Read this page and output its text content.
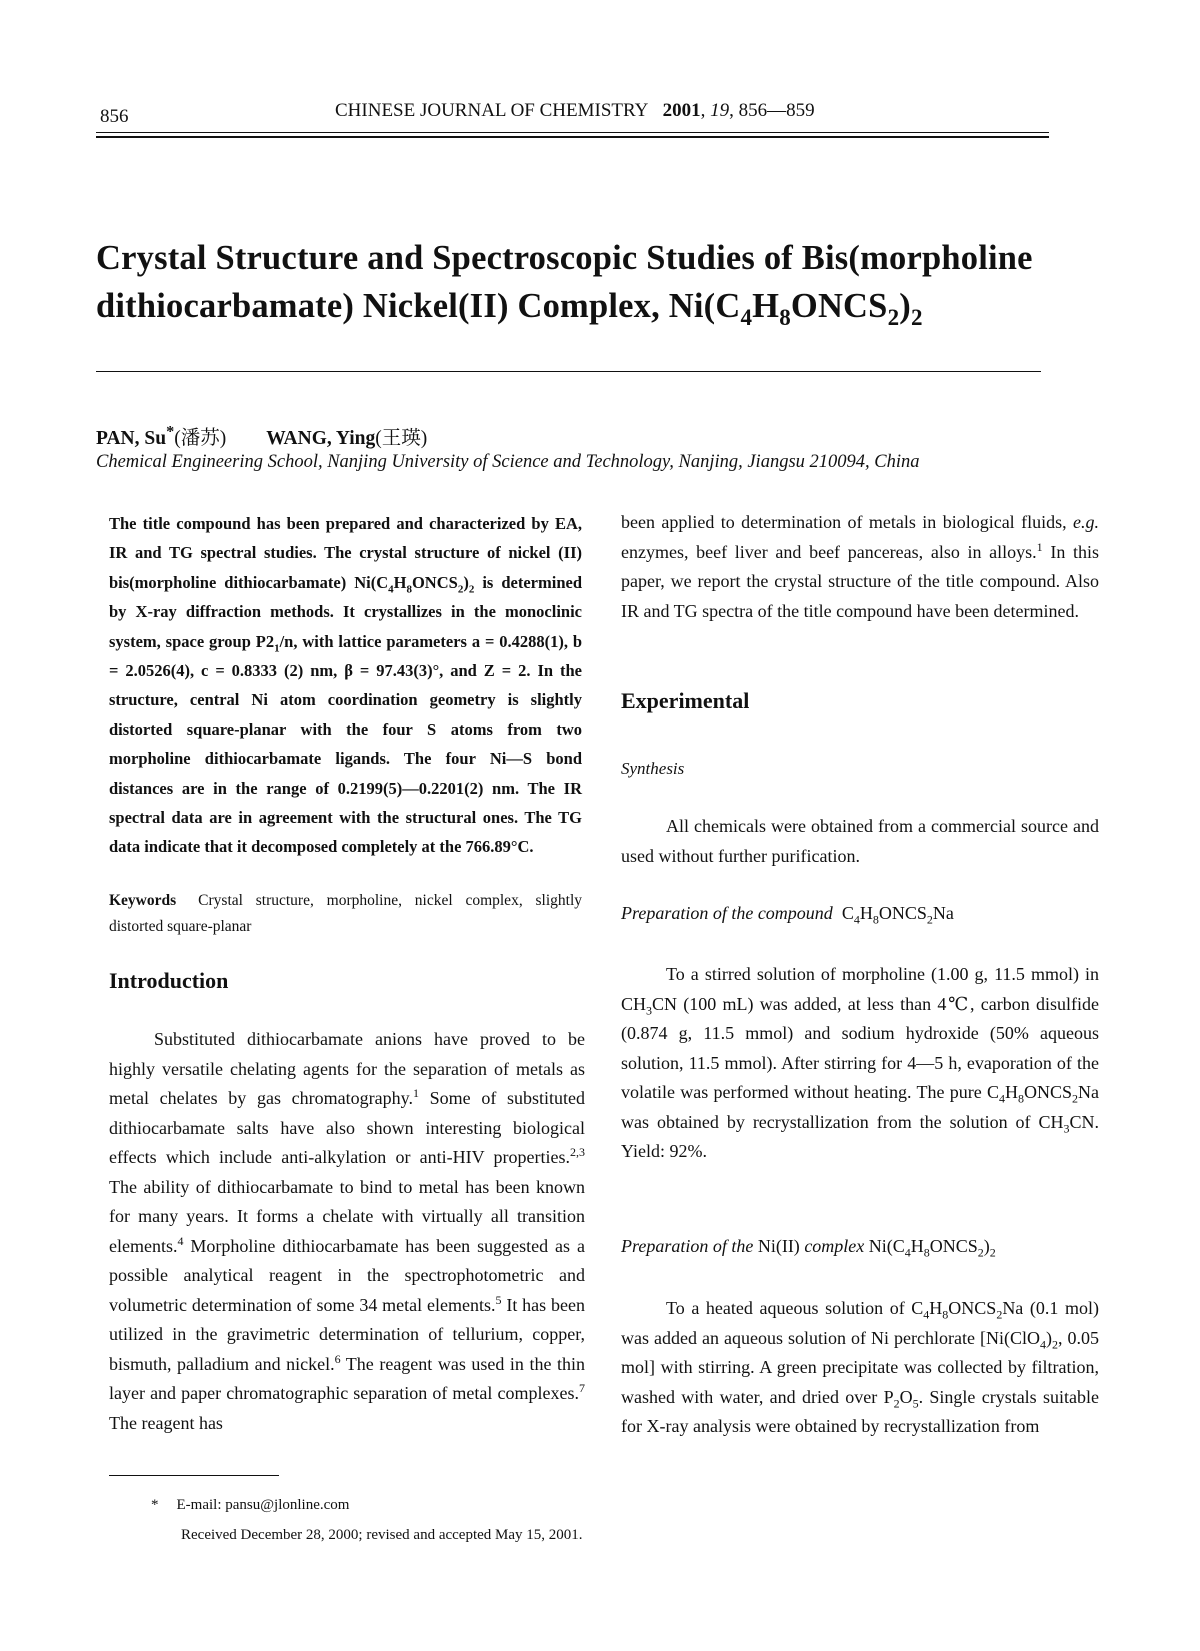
856	CHINESE JOURNAL OF CHEMISTRY 2001, 19, 856—859
Crystal Structure and Spectroscopic Studies of Bis(morpholine
dithiocarbamate) Nickel(II) Complex, $Ni(C_4H_8ONCS_2)_2$
PAN, Su*(潘苏) WANG, Ying(王瑛)
Chemical Engineering School, Nanjing University of Science and Technology, Nanjing, Jiangsu 210094, China

The title compound has been prepared and characterized by EA, IR and TG spectral studies. The crystal structure of nickel (II) bis(morpholine dithiocarbamate) $Ni(C_4H_8ONCS_2)_2$ is determined by X-ray diffraction methods. It crystallizes in the monoclinic system, space group $P2_1/n$, with lattice parameters a = 0.4288(1), b = 2.0526(4), c = 0.8333 (2) nm, β = 97.43(3)°, and Z = 2. In the structure, central Ni atom coordination geometry is slightly distorted square-planar with the four S atoms from two morpholine dithiocarbamate ligands. The four Ni—S bond distances are in the range of 0.2199(5)—0.2201(2) nm. The IR spectral data are in agreement with the structural ones. The TG data indicate that it decomposed completely at the 766.89°C.

Keywords Crystal structure, morpholine, nickel complex, slightly distorted square-planar

Introduction

Substituted dithiocarbamate anions have proved to be highly versatile chelating agents for the separation of metals as metal chelates by gas chromatography.$^1$ Some of substituted dithiocarbamate salts have also shown interesting biological effects which include anti-alkylation or anti-HIV properties.$^{2,3}$ The ability of dithiocarbamate to bind to metal has been known for many years. It forms a chelate with virtually all transition elements.$^4$ Morpholine dithiocarbamate has been suggested as a possible analytical reagent in the spectrophotometric and volumetric determination of some 34 metal elements.$^5$ It has been utilized in the gravimetric determination of tellurium, copper, bismuth, palladium and nickel.$^6$ The reagent was used in the thin layer and paper chromatographic separation of metal complexes.$^7$ The reagent has

been applied to determination of metals in biological fluids, e.g. enzymes, beef liver and beef pancereas, also in alloys.$^1$ In this paper, we report the crystal structure of the title compound. Also IR and TG spectra of the title compound have been determined.

Experimental
Synthesis

All chemicals were obtained from a commercial source and used without further purification.

Preparation of the compound $C_4H_8ONCS_2Na$

To a stirred solution of morpholine (1.00 g, 11.5 mmol) in $CH_3CN$ (100 mL) was added, at less than 4℃, carbon disulfide (0.874 g, 11.5 mmol) and sodium hydroxide (50% aqueous solution, 11.5 mmol). After stirring for 4—5 h, evaporation of the volatile was performed without heating. The pure $C_4H_8ONCS_2Na$ was obtained by recrystallization from the solution of $CH_3CN$. Yield: 92%.

Preparation of the Ni(II) complex $Ni(C_4H_8ONCS_2)_2$

To a heated aqueous solution of $C_4H_8ONCS_2Na$ (0.1 mol) was added an aqueous solution of Ni perchlorate [$Ni(ClO_4)_2$, 0.05 mol] with stirring. A green precipitate was collected by filtration, washed with water, and dried over $P_2O_5$. Single crystals suitable for X-ray analysis were obtained by recrystallization from

* E-mail: pansu@jlonline.com
Received December 28, 2000; revised and accepted May 15, 2001.
